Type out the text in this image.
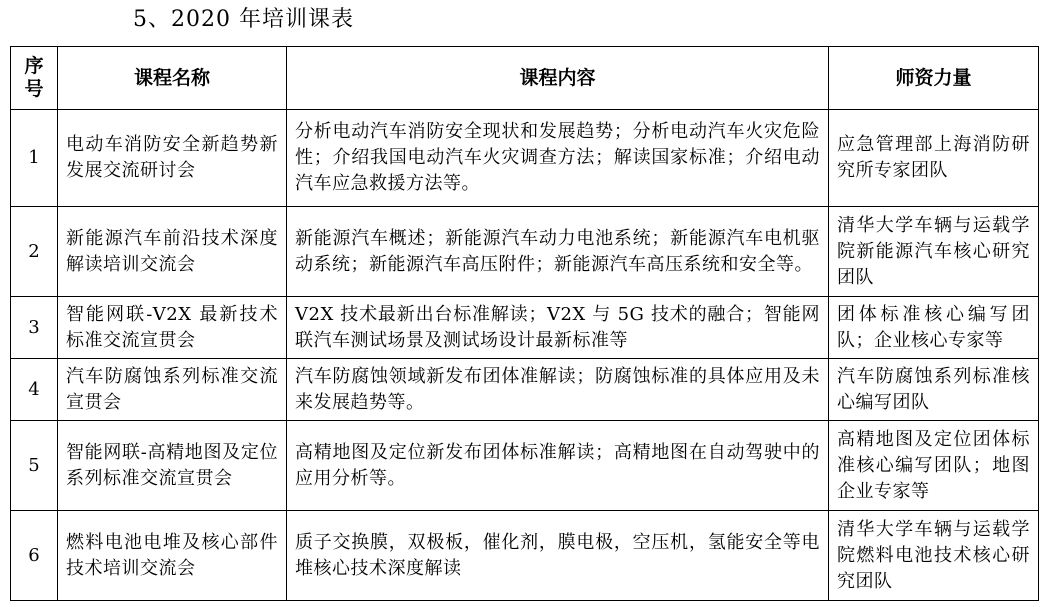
5、2020 年培训课表
序号	课程名称	课程内容	师资力量
1	电动车消防安全新趋势新发展交流研讨会	分析电动汽车消防安全现状和发展趋势；分析电动汽车火灾危险性；介绍我国电动汽车火灾调查方法；解读国家标准；介绍电动汽车应急救援方法等。	应急管理部上海消防研究所专家团队
2	新能源汽车前沿技术深度解读培训交流会	新能源汽车概述；新能源汽车动力电池系统；新能源汽车电机驱动系统；新能源汽车高压附件；新能源汽车高压系统和安全等。	清华大学车辆与运载学院新能源汽车核心研究团队
3	智能网联-V2X 最新技术标准交流宣贯会	V2X 技术最新出台标准解读；V2X 与 5G 技术的融合；智能网联汽车测试场景及测试场设计最新标准等	团体标准核心编写团队；企业核心专家等
4	汽车防腐蚀系列标准交流宣贯会	汽车防腐蚀领域新发布团体准解读；防腐蚀标准的具体应用及未来发展趋势等。	汽车防腐蚀系列标准核心编写团队
5	智能网联-高精地图及定位系列标准交流宣贯会	高精地图及定位新发布团体标准解读；高精地图在自动驾驶中的应用分析等。	高精地图及定位团体标准核心编写团队；地图企业专家等
6	燃料电池电堆及核心部件技术培训交流会	质子交换膜，双极板，催化剂，膜电极，空压机，氢能安全等电堆核心技术深度解读	清华大学车辆与运载学院燃料电池技术核心研究团队
